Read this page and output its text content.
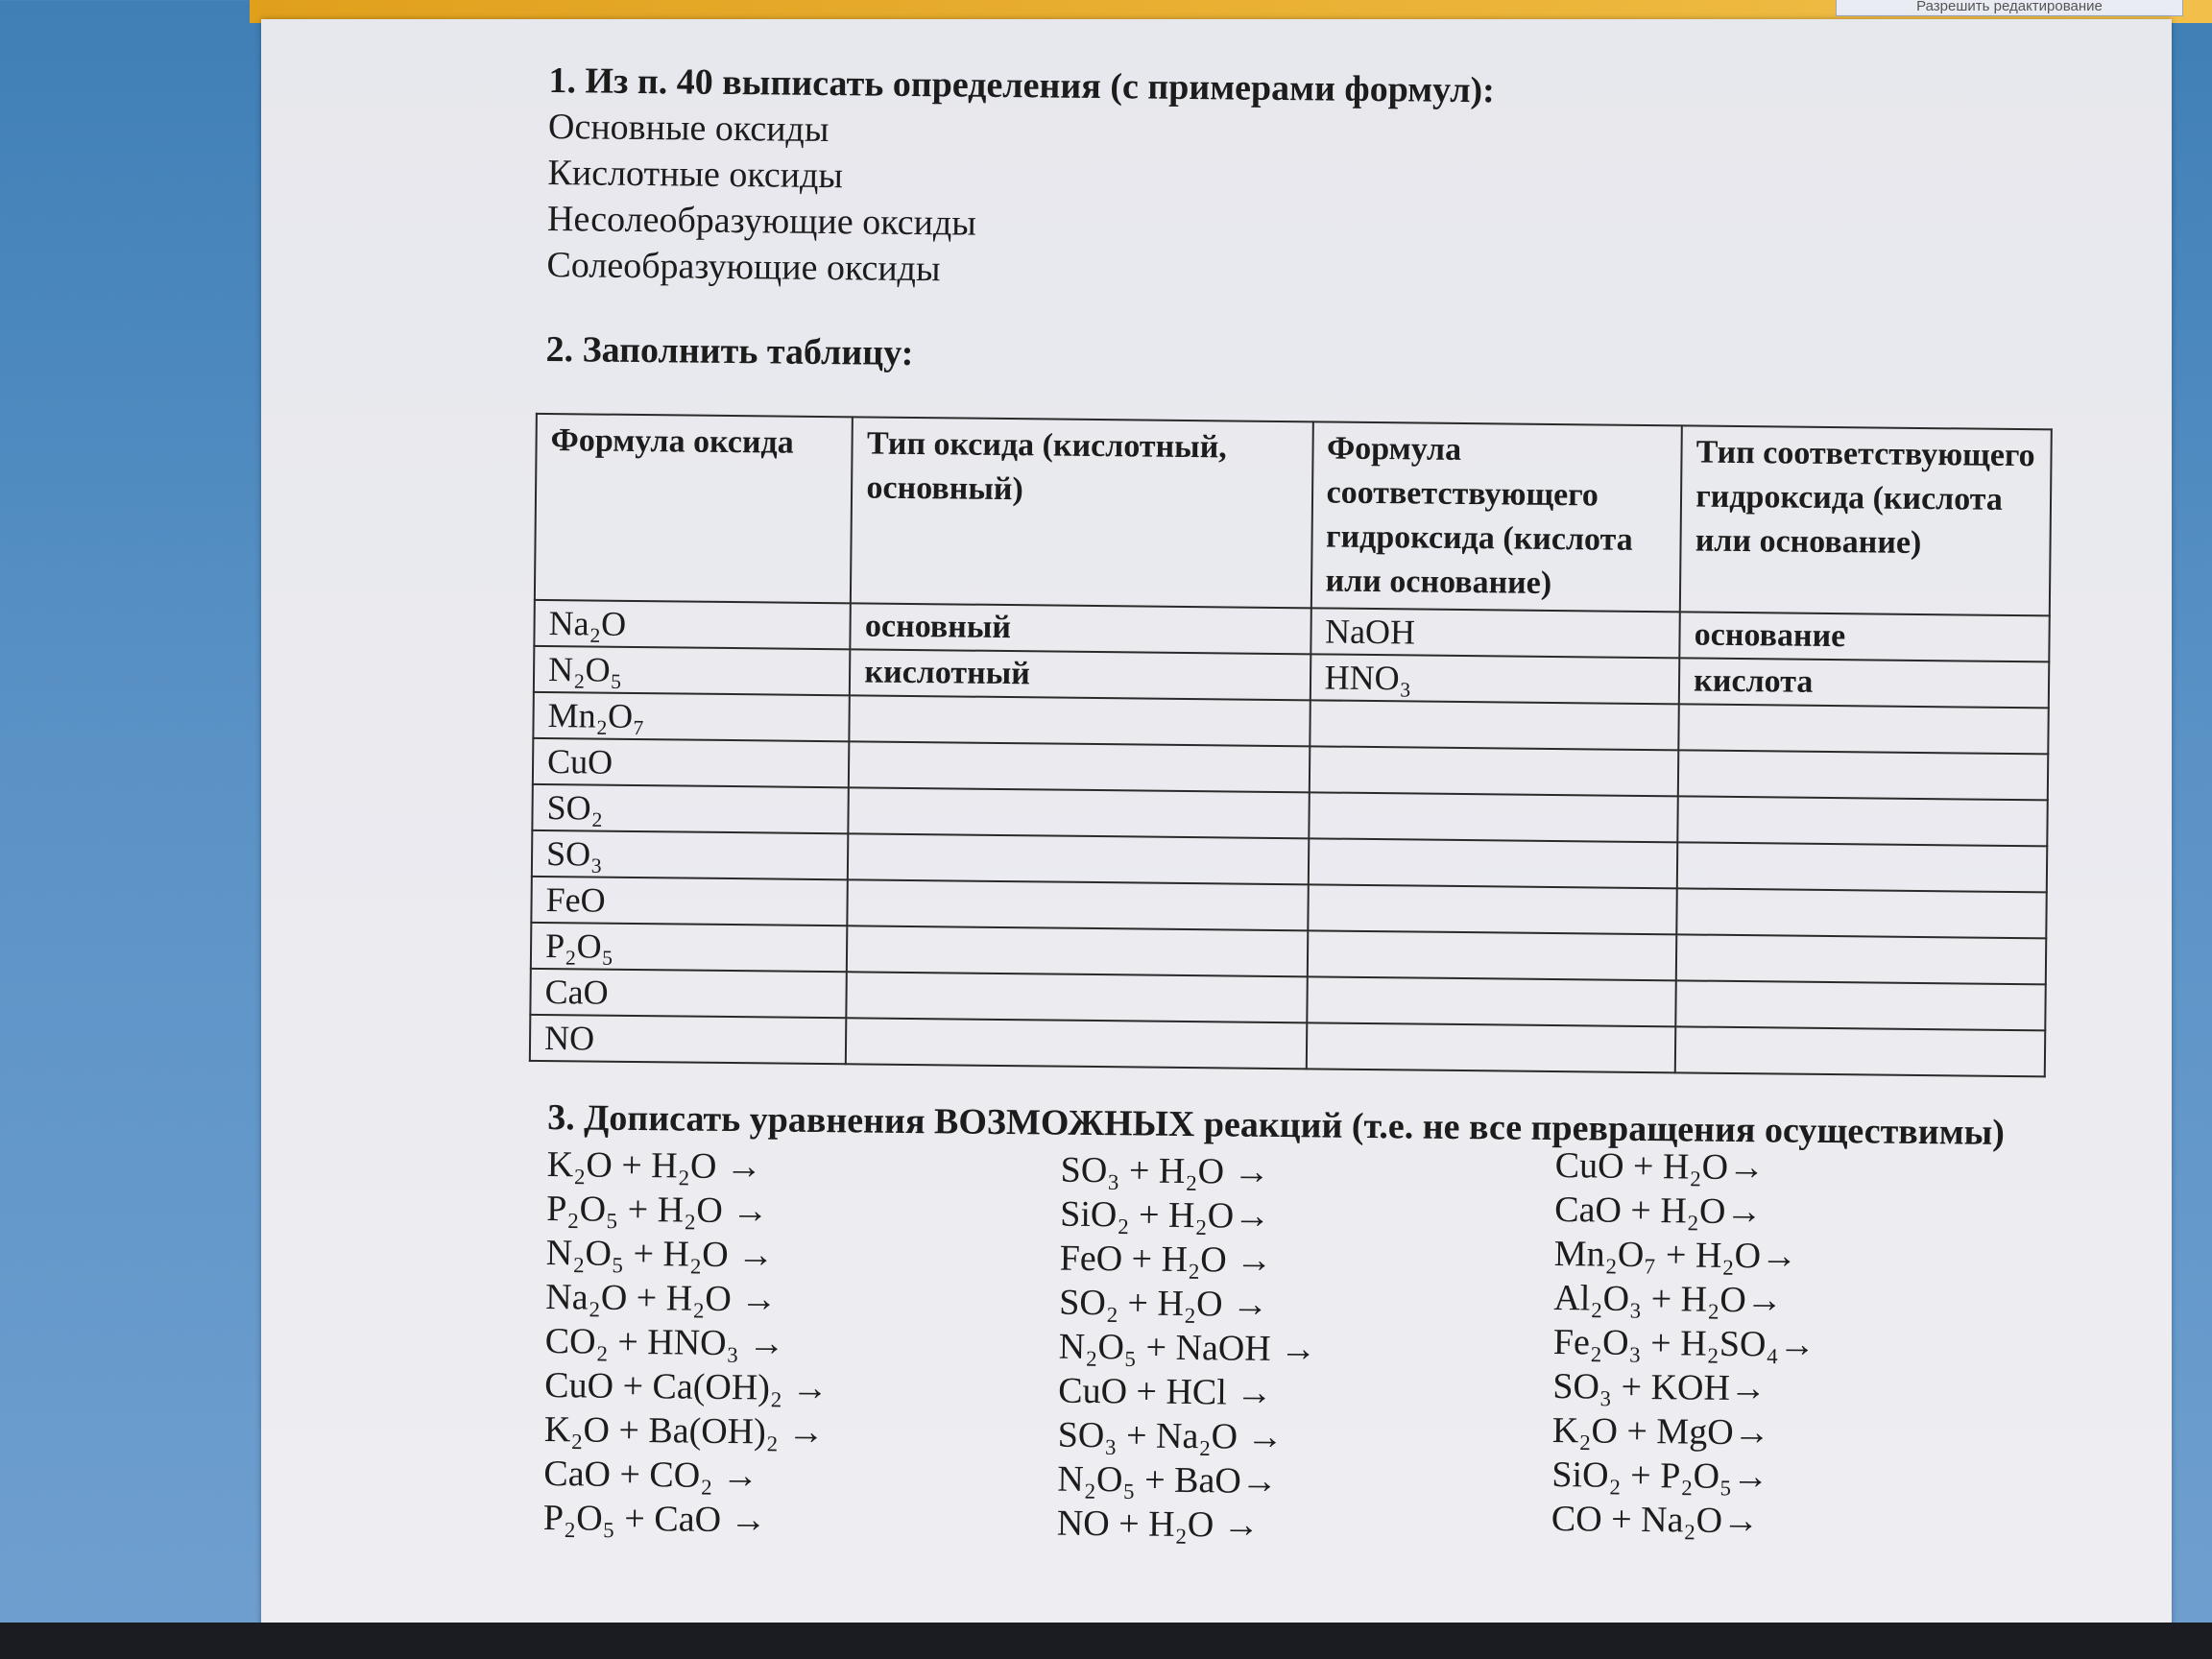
Разрешить редактирование
1. Из п. 40 выписать определения (с примерами формул):
Основные оксиды
Кислотные оксиды
Несолеобразующие оксиды
Солеобразующие оксиды
2. Заполнить таблицу:
Формула оксида	Тип оксида (кислотный, основный)	Формула соответствующего гидроксида (кислота или основание)	Тип соответствующего гидроксида (кислота или основание)
Na₂O	основный	NaOH	основание
N₂O₅	кислотный	HNO₃	кислота
Mn₂O₇			
CuO			
SO₂			
SO₃			
FeO			
P₂O₅			
CaO			
NO			
3. Дописать уравнения ВОЗМОЖНЫХ реакций (т.е. не все превращения осуществимы)
K₂O + H₂O →
P₂O₅ + H₂O →
N₂O₅ + H₂O →
Na₂O + H₂O →
CO₂ + HNO₃ →
CuO + Ca(OH)₂ →
K₂O + Ba(OH)₂ →
CaO + CO₂ →
P₂O₅ + CaO →
SO₃ + H₂O →
SiO₂ + H₂O→
FeO + H₂O →
SO₂ + H₂O →
N₂O₅ + NaOH →
CuO + HCl →
SO₃ + Na₂O →
N₂O₅ + BaO→
NO + H₂O →
CuO + H₂O→
CaO + H₂O→
Mn₂O₇ + H₂O→
Al₂O₃ + H₂O→
Fe₂O₃ + H₂SO₄→
SO₃ + KOH→
K₂O + MgO→
SiO₂ + P₂O₅→
CO + Na₂O→
